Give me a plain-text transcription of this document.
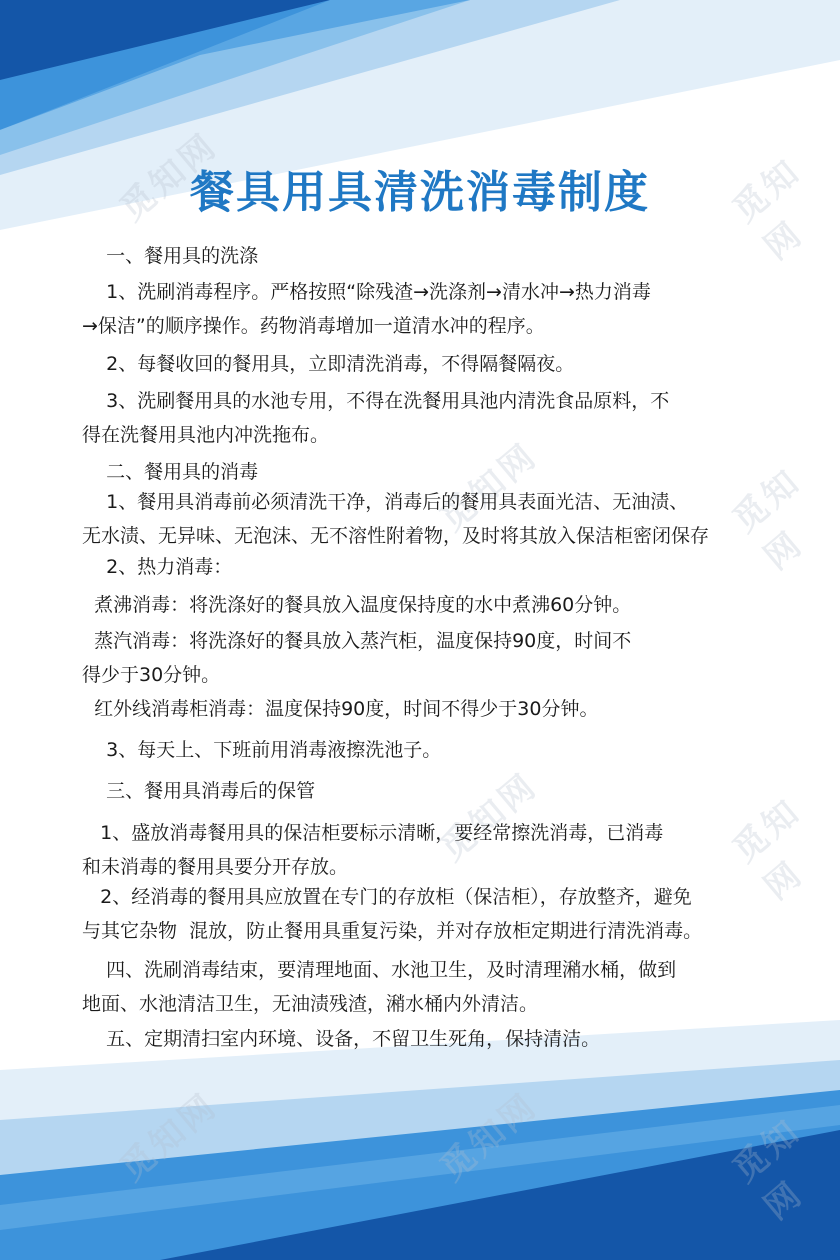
觅知网	觅知网
觅知网	觅知网
觅知网	觅知网
觅知网	觅知网	觅知网
餐具用具清洗消毒制度

一、餐用具的洗涤

1、洗刷消毒程序。严格按照“除残渣→洗涤剂→清水冲→热力消毒
→保洁”的顺序操作。药物消毒增加一道清水冲的程序。

2、每餐收回的餐用具，立即清洗消毒，不得隔餐隔夜。

3、洗刷餐用具的水池专用，不得在洗餐用具池内清洗食品原料，不
得在洗餐用具池内冲洗拖布。

二、餐用具的消毒

1、餐用具消毒前必须清洗干净，消毒后的餐用具表面光洁、无油渍、
无水渍、无异味、无泡沫、无不溶性附着物，及时将其放入保洁柜密闭保存

2、热力消毒：

煮沸消毒：将洗涤好的餐具放入温度保持度的水中煮沸60分钟。

蒸汽消毒：将洗涤好的餐具放入蒸汽柜，温度保持90度，时间不
得少于30分钟。

红外线消毒柜消毒：温度保持90度，时间不得少于30分钟。

3、每天上、下班前用消毒液擦洗池子。

三、餐用具消毒后的保管

1、盛放消毒餐用具的保洁柜要标示清晰，要经常擦洗消毒，已消毒
和未消毒的餐用具要分开存放。

2、经消毒的餐用具应放置在专门的存放柜（保洁柜），存放整齐，避免
与其它杂物  混放，防止餐用具重复污染，并对存放柜定期进行清洗消毒。

四、洗刷消毒结束，要清理地面、水池卫生，及时清理潲水桶，做到
地面、水池清洁卫生，无油渍残渣，潲水桶内外清洁。

五、定期清扫室内环境、设备，不留卫生死角，保持清洁。
